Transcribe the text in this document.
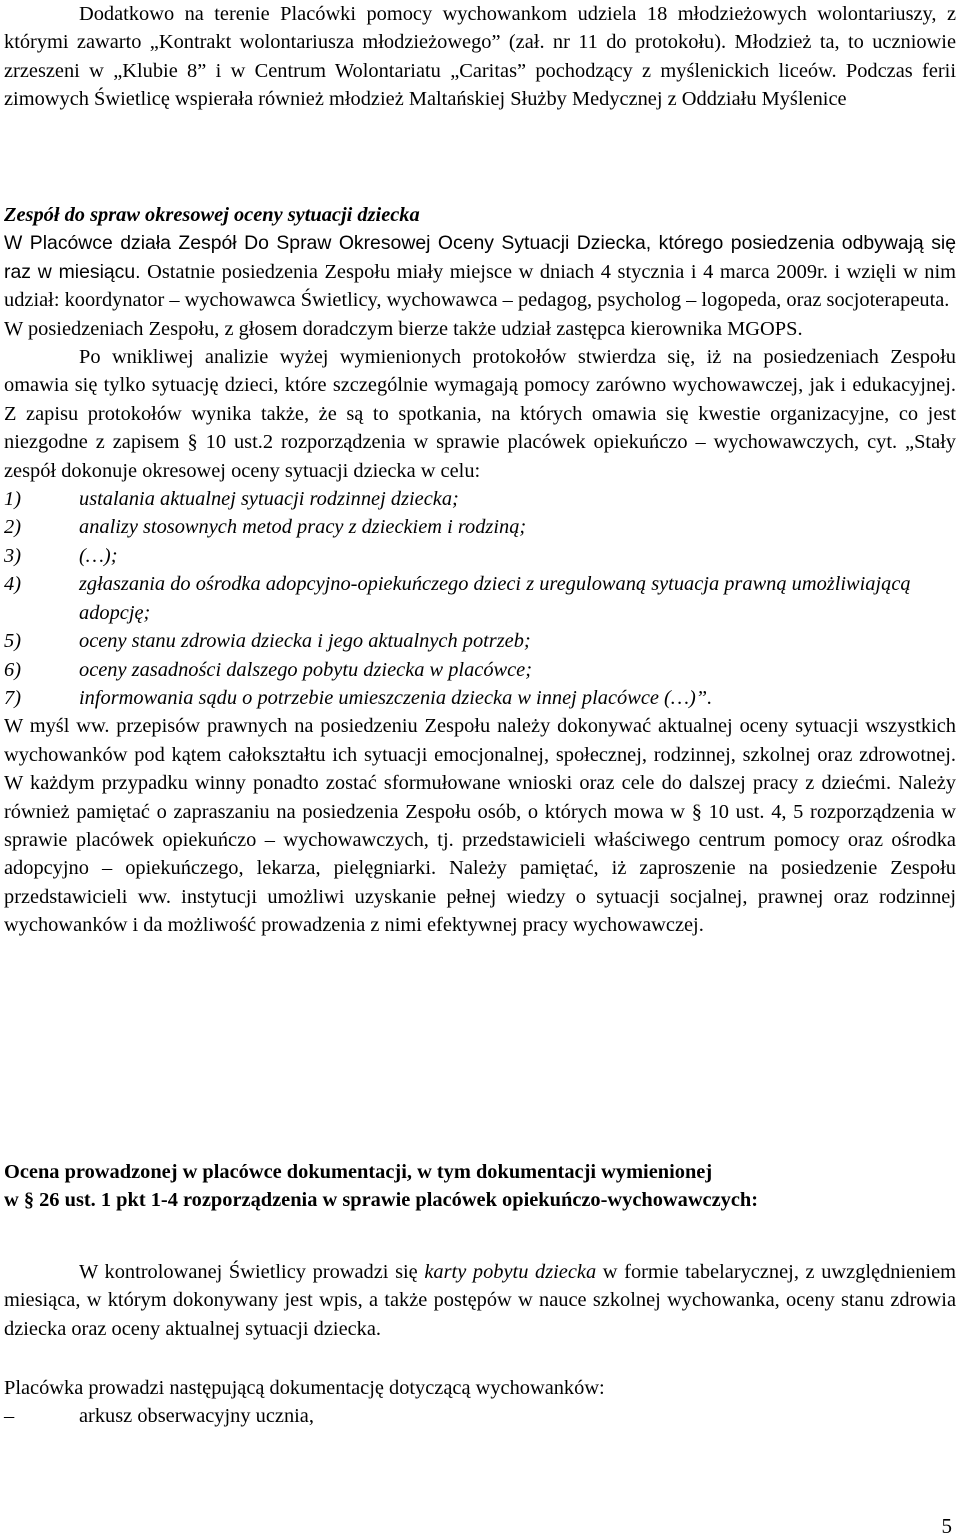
Dodatkowo na terenie Placówki pomocy wychowankom udziela 18 młodzieżowych wolontariuszy, z którymi zawarto „Kontrakt wolontariusza młodzieżowego” (zał. nr 11 do protokołu). Młodzież ta, to uczniowie zrzeszeni w „Klubie 8” i w Centrum Wolontariatu „Caritas” pochodzący z myślenickich liceów. Podczas ferii zimowych Świetlicę wspierała również młodzież Maltańskiej Służby Medycznej z Oddziału Myślenice

Zespół do spraw okresowej oceny sytuacji dziecka

W Placówce działa Zespół Do Spraw Okresowej Oceny Sytuacji Dziecka, którego posiedzenia odbywają się raz w miesiącu. Ostatnie posiedzenia Zespołu miały miejsce w dniach 4 stycznia i 4 marca 2009r. i wzięli w nim udział: koordynator – wychowawca Świetlicy, wychowawca – pedagog, psycholog – logopeda, oraz socjoterapeuta.

W posiedzeniach Zespołu, z głosem doradczym bierze także udział zastępca kierownika MGOPS.

Po wnikliwej analizie wyżej wymienionych protokołów stwierdza się, iż na posiedzeniach Zespołu omawia się tylko sytuację dzieci, które szczególnie wymagają pomocy zarówno wychowawczej, jak i edukacyjnej. Z zapisu protokołów wynika także, że są to spotkania, na których omawia się kwestie organizacyjne, co jest niezgodne z zapisem § 10 ust.2 rozporządzenia w sprawie placówek opiekuńczo – wychowawczych, cyt. „Stały zespół dokonuje okresowej oceny sytuacji dziecka w celu:

1)	ustalania aktualnej sytuacji rodzinnej dziecka;
2)	analizy stosownych metod pracy z dzieckiem i rodziną;
3)	(…);
4)	zgłaszania do ośrodka adopcyjno-opiekuńczego dzieci z uregulowaną sytuacja prawną umożliwiającą adopcję;
5)	oceny stanu zdrowia dziecka i jego aktualnych potrzeb;
6)	oceny zasadności dalszego pobytu dziecka w placówce;
7)	informowania sądu o potrzebie umieszczenia dziecka w innej placówce (…)”.

W myśl ww. przepisów prawnych na posiedzeniu Zespołu należy dokonywać aktualnej oceny sytuacji wszystkich wychowanków pod kątem całokształtu ich sytuacji emocjonalnej, społecznej, rodzinnej, szkolnej oraz zdrowotnej. W każdym przypadku winny ponadto zostać sformułowane wnioski oraz cele do dalszej pracy z dziećmi. Należy również pamiętać o zapraszaniu na posiedzenia Zespołu osób, o których mowa w § 10 ust. 4, 5 rozporządzenia w sprawie placówek opiekuńczo – wychowawczych, tj. przedstawicieli właściwego centrum pomocy oraz ośrodka adopcyjno – opiekuńczego, lekarza, pielęgniarki. Należy pamiętać, iż zaproszenie na posiedzenie Zespołu przedstawicieli ww. instytucji umożliwi uzyskanie pełnej wiedzy o sytuacji socjalnej, prawnej oraz rodzinnej wychowanków i da możliwość prowadzenia z nimi efektywnej pracy wychowawczej.

Ocena prowadzonej w placówce dokumentacji, w tym dokumentacji wymienionej

w § 26 ust. 1 pkt 1-4 rozporządzenia w sprawie placówek opiekuńczo-wychowawczych:

W kontrolowanej Świetlicy prowadzi się karty pobytu dziecka w formie tabelarycznej, z uwzględnieniem miesiąca, w którym dokonywany jest wpis, a także postępów w nauce szkolnej wychowanka, oceny stanu zdrowia dziecka oraz oceny aktualnej sytuacji dziecka.

Placówka prowadzi następującą dokumentację dotyczącą wychowanków:

–	arkusz obserwacyjny ucznia,
5
